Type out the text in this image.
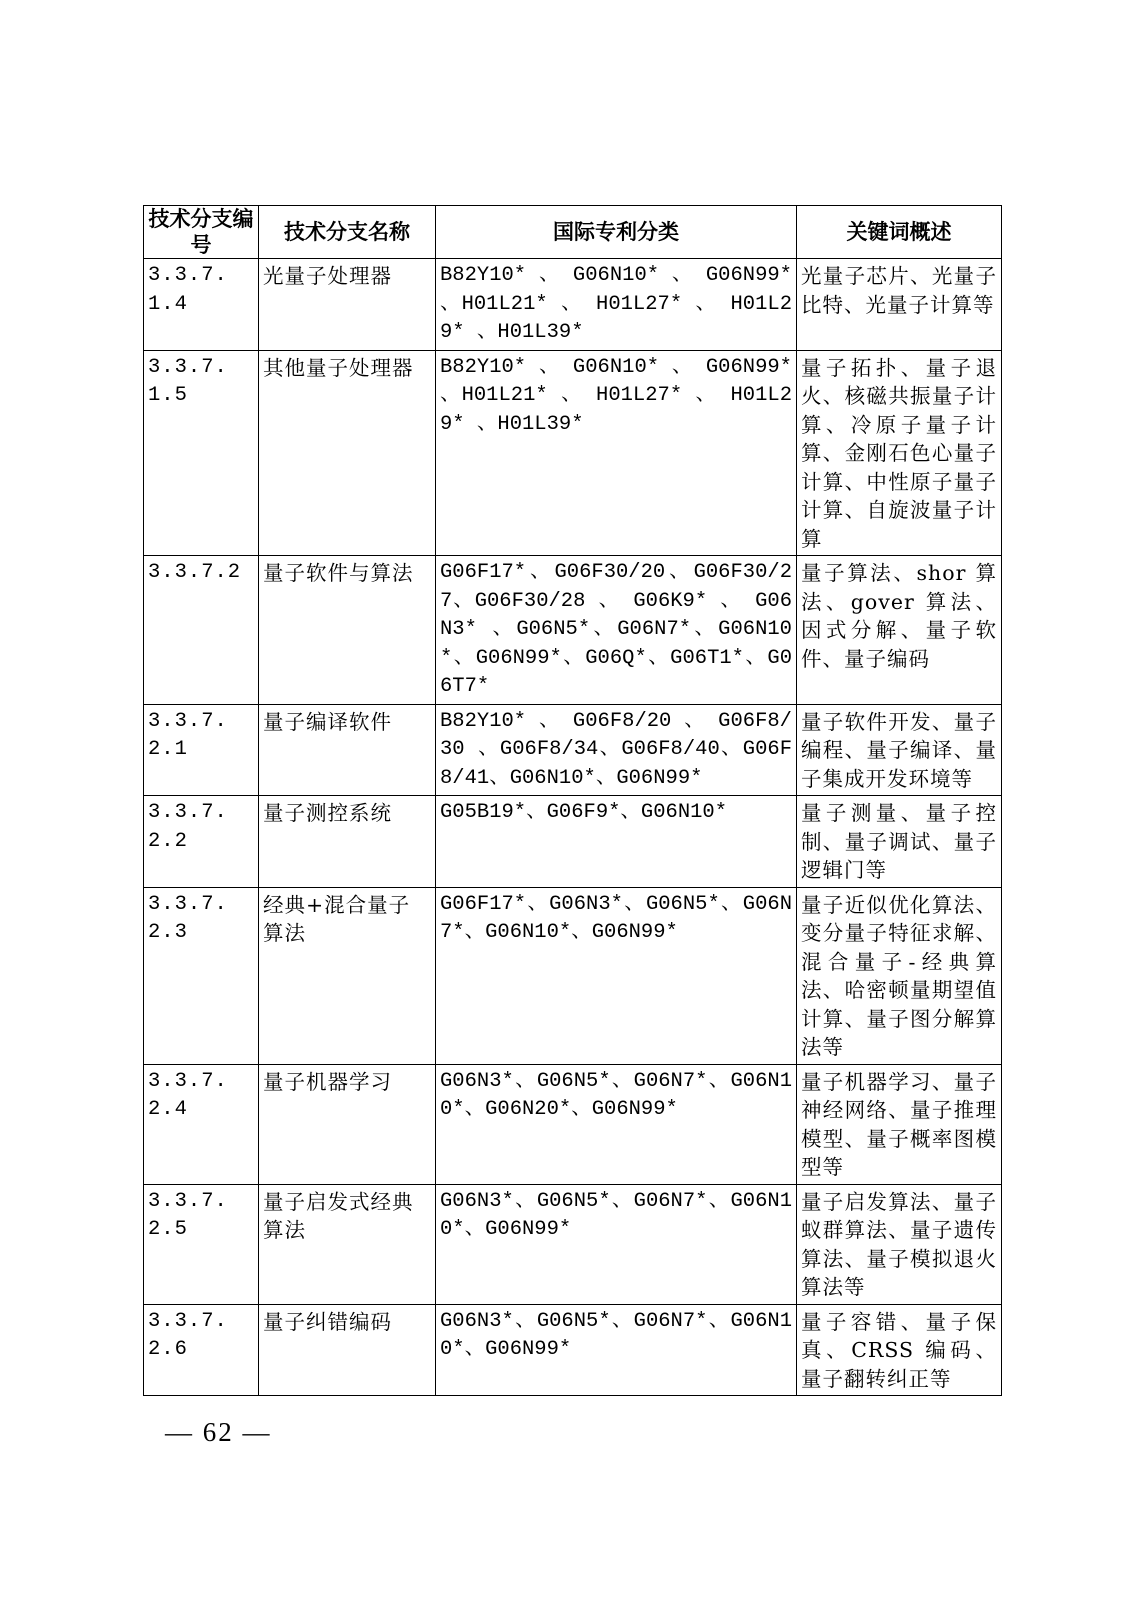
技术分支编号	技术分支名称	国际专利分类	关键词概述
3.3.7.1.4	光量子处理器	B82Y10* 、 G06N10* 、 G06N99* 、H01L21* 、 H01L27* 、 H01L29* 、H01L39*	光量子芯片、光量子比特、光量子计算等
3.3.7.1.5	其他量子处理器	B82Y10* 、 G06N10* 、 G06N99* 、H01L21* 、 H01L27* 、 H01L29* 、H01L39*	量子拓扑、量子退火、核磁共振量子计算、冷原子量子计算、金刚石色心量子计算、中性原子量子计算、自旋波量子计算
3.3.7.2	量子软件与算法	G06F17*、G06F30/20、G06F30/27、G06F30/28 、 G06K9* 、 G06N3* 、G06N5*、G06N7*、G06N10*、G06N99*、G06Q*、G06T1*、G06T7*	量子算法、shor 算法、gover 算法、因式分解、量子软件、量子编码
3.3.7.2.1	量子编译软件	B82Y10* 、 G06F8/20 、 G06F8/30 、G06F8/34、G06F8/40、G06F8/41、G06N10*、G06N99*	量子软件开发、量子编程、量子编译、量子集成开发环境等
3.3.7.2.2	量子测控系统	G05B19*、G06F9*、G06N10*	量子测量、量子控制、量子调试、量子逻辑门等
3.3.7.2.3	经典+混合量子算法	G06F17*、G06N3*、G06N5*、G06N7*、G06N10*、G06N99*	量子近似优化算法、变分量子特征求解、混合量子-经典算法、哈密顿量期望值计算、量子图分解算法等
3.3.7.2.4	量子机器学习	G06N3*、G06N5*、G06N7*、G06N10*、G06N20*、G06N99*	量子机器学习、量子神经网络、量子推理模型、量子概率图模型等
3.3.7.2.5	量子启发式经典算法	G06N3*、G06N5*、G06N7*、G06N10*、G06N99*	量子启发算法、量子蚁群算法、量子遗传算法、量子模拟退火算法等
3.3.7.2.6	量子纠错编码	G06N3*、G06N5*、G06N7*、G06N10*、G06N99*	量子容错、量子保真、CRSS 编码、量子翻转纠正等
— 62 —
